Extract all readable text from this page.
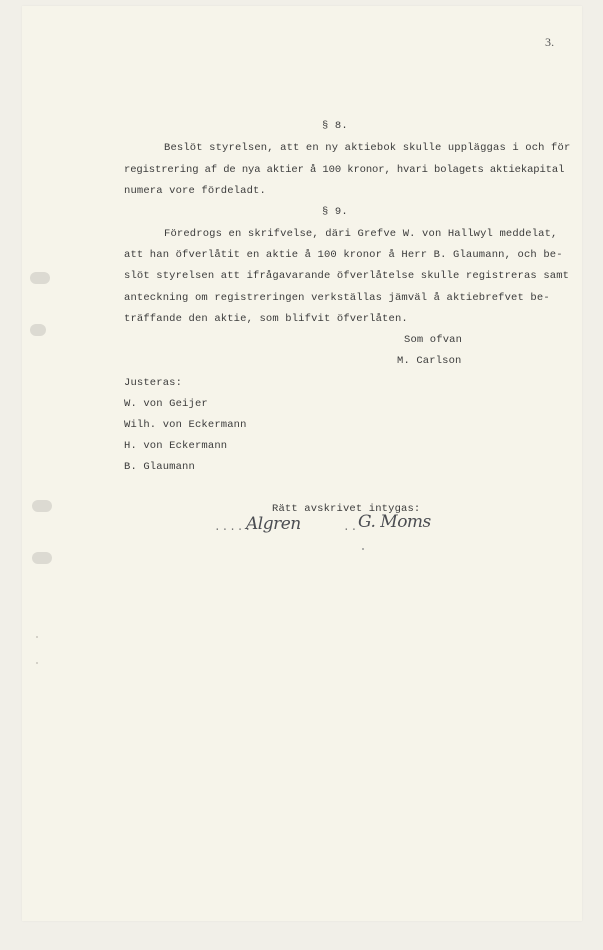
3.
§ 8.
Beslöt styrelsen, att en ny aktiebok skulle uppläggas i och för
registrering af de nya aktier å 100 kronor, hvari bolagets aktiekapital
numera vore fördeladt.
§ 9.
Föredrogs en skrifvelse, däri Grefve W. von Hallwyl meddelat,
att han öfverlåtit en aktie å 100 kronor å Herr B. Glaumann, och be-
slöt styrelsen att ifrågavarande öfverlåtelse skulle registreras samt
anteckning om registreringen verkställas jämväl å aktiebrefvet be-
träffande den aktie, som blifvit öfverlåten.
Som ofvan
M. Carlson
Justeras:
W. von Geijer
Wilh. von Eckermann
H. von Eckermann
B. Glaumann
Rätt avskrivet intygas:
.....
Algren	.. G. Moms
